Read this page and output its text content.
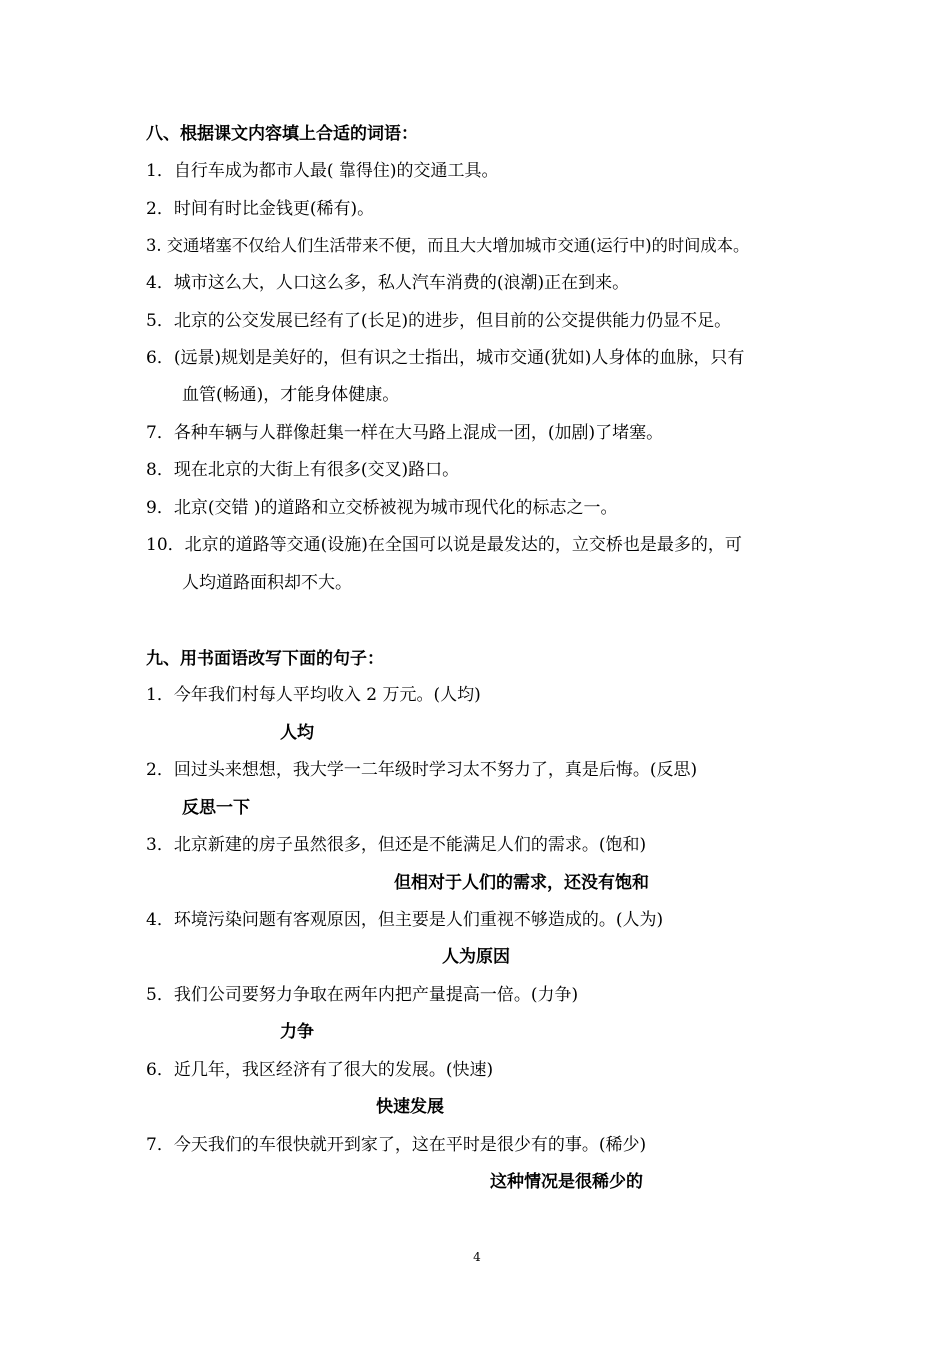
八、根据课文内容填上合适的词语：
1．自行车成为都市人最( 靠得住)的交通工具。
2．时间有时比金钱更(稀有)。
3. 交通堵塞不仅给人们生活带来不便，而且大大增加城市交通(运行中)的时间成本。
4．城市这么大，人口这么多，私人汽车消费的(浪潮)正在到来。
5．北京的公交发展已经有了(长足)的进步，但目前的公交提供能力仍显不足。
6．(远景)规划是美好的，但有识之士指出，城市交通(犹如)人身体的血脉，只有
血管(畅通)，才能身体健康。
7．各种车辆与人群像赶集一样在大马路上混成一团，(加剧)了堵塞。
8．现在北京的大街上有很多(交叉)路口。
9．北京(交错 )的道路和立交桥被视为城市现代化的标志之一。
10．北京的道路等交通(设施)在全国可以说是最发达的，立交桥也是最多的，可
人均道路面积却不大。
九、用书面语改写下面的句子：
1．今年我们村每人平均收入 2 万元。(人均)
人均
2．回过头来想想，我大学一二年级时学习太不努力了，真是后悔。(反思)
反思一下
3．北京新建的房子虽然很多，但还是不能满足人们的需求。(饱和)
但相对于人们的需求，还没有饱和
4．环境污染问题有客观原因，但主要是人们重视不够造成的。(人为)
人为原因
5．我们公司要努力争取在两年内把产量提高一倍。(力争)
力争
6．近几年，我区经济有了很大的发展。(快速)
快速发展
7．今天我们的车很快就开到家了，这在平时是很少有的事。(稀少)
这种情况是很稀少的
4
